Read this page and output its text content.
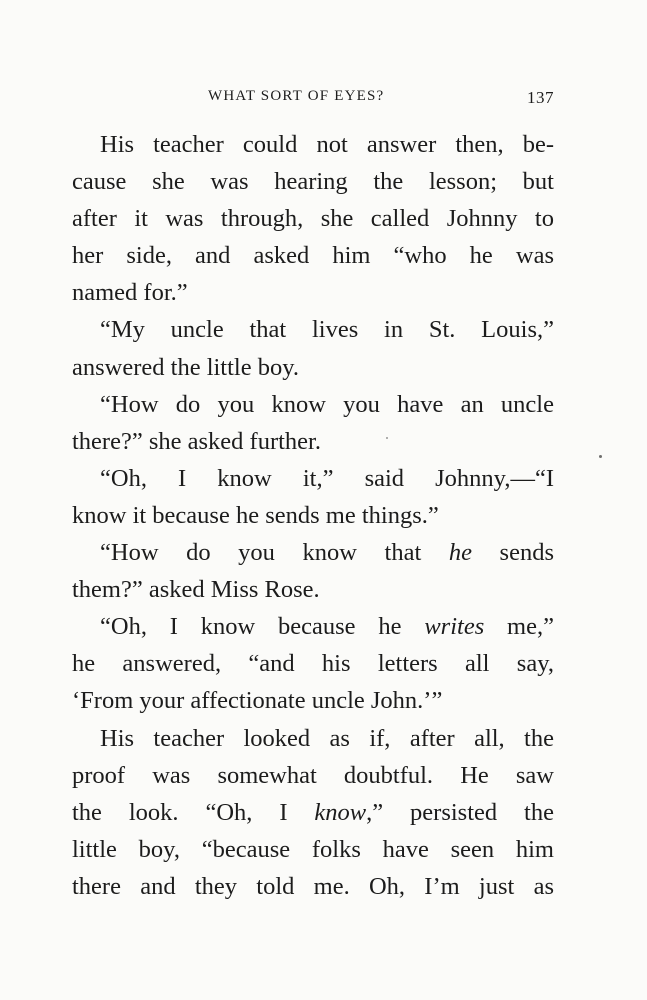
WHAT SORT OF EYES?	137
His teacher could not answer then, be-
cause she was hearing the lesson; but
after it was through, she called Johnny to
her side, and asked him “who he was
named for.”
“My uncle that lives in St. Louis,”
answered the little boy.
“How do you know you have an uncle
there?” she asked further.
“Oh, I know it,” said Johnny,—“I
know it because he sends me things.”
“How do you know that he sends
them?” asked Miss Rose.
“Oh, I know because he writes me,”
he answered, “and his letters all say,
‘From your affectionate uncle John.’”
His teacher looked as if, after all, the
proof was somewhat doubtful. He saw
the look. “Oh, I know,” persisted the
little boy, “because folks have seen him
there and they told me. Oh, I’m just as
